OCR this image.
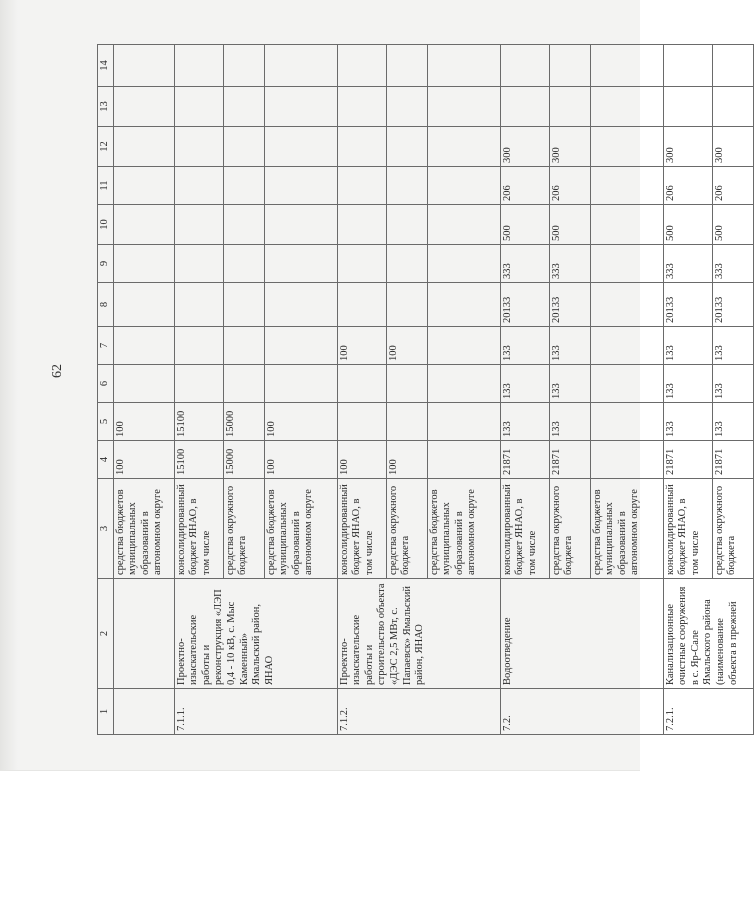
62
1	2	3	4	5	6	7	8	9	10	11	12	13	14
		средства бюджетов муниципальных образований в автономном округе	100	100									
7.1.1.	Проектно-изыскательские работы и реконструкция «ЛЭП 0,4 - 10 кВ, с. Мыс Каменный» Ямальский район, ЯНАО	консолидированный бюджет ЯНАО, в том числе	15100	15100									
		средства окружного бюджета	15000	15000									
		средства бюджетов муниципальных образований в автономном округе	100	100									
7.1.2.	Проектно-изыскательские работы и строительство объекта «ДЭС 2,5 МВт, с. Папаевск» Ямальский район, ЯНАО	консолидированный бюджет ЯНАО, в том числе	100			100							
		средства окружного бюджета	100			100							
		средства бюджетов муниципальных образований в автономном округе											
7.2.	Водоотведение	консолидированный бюджет ЯНАО, в том числе	21871	133	133	133	20133	333	500	206	300		
		средства окружного бюджета	21871	133	133	133	20133	333	500	206	300		
		средства бюджетов муниципальных образований в автономном округе											
7.2.1.	Канализационные очистные сооружения в с. Яр-Сале Ямальского района (наименование объекта в прежней	консолидированный бюджет ЯНАО, в том числе	21871	133	133	133	20133	333	500	206	300		
		средства окружного бюджета	21871	133	133	133	20133	333	500	206	300		
